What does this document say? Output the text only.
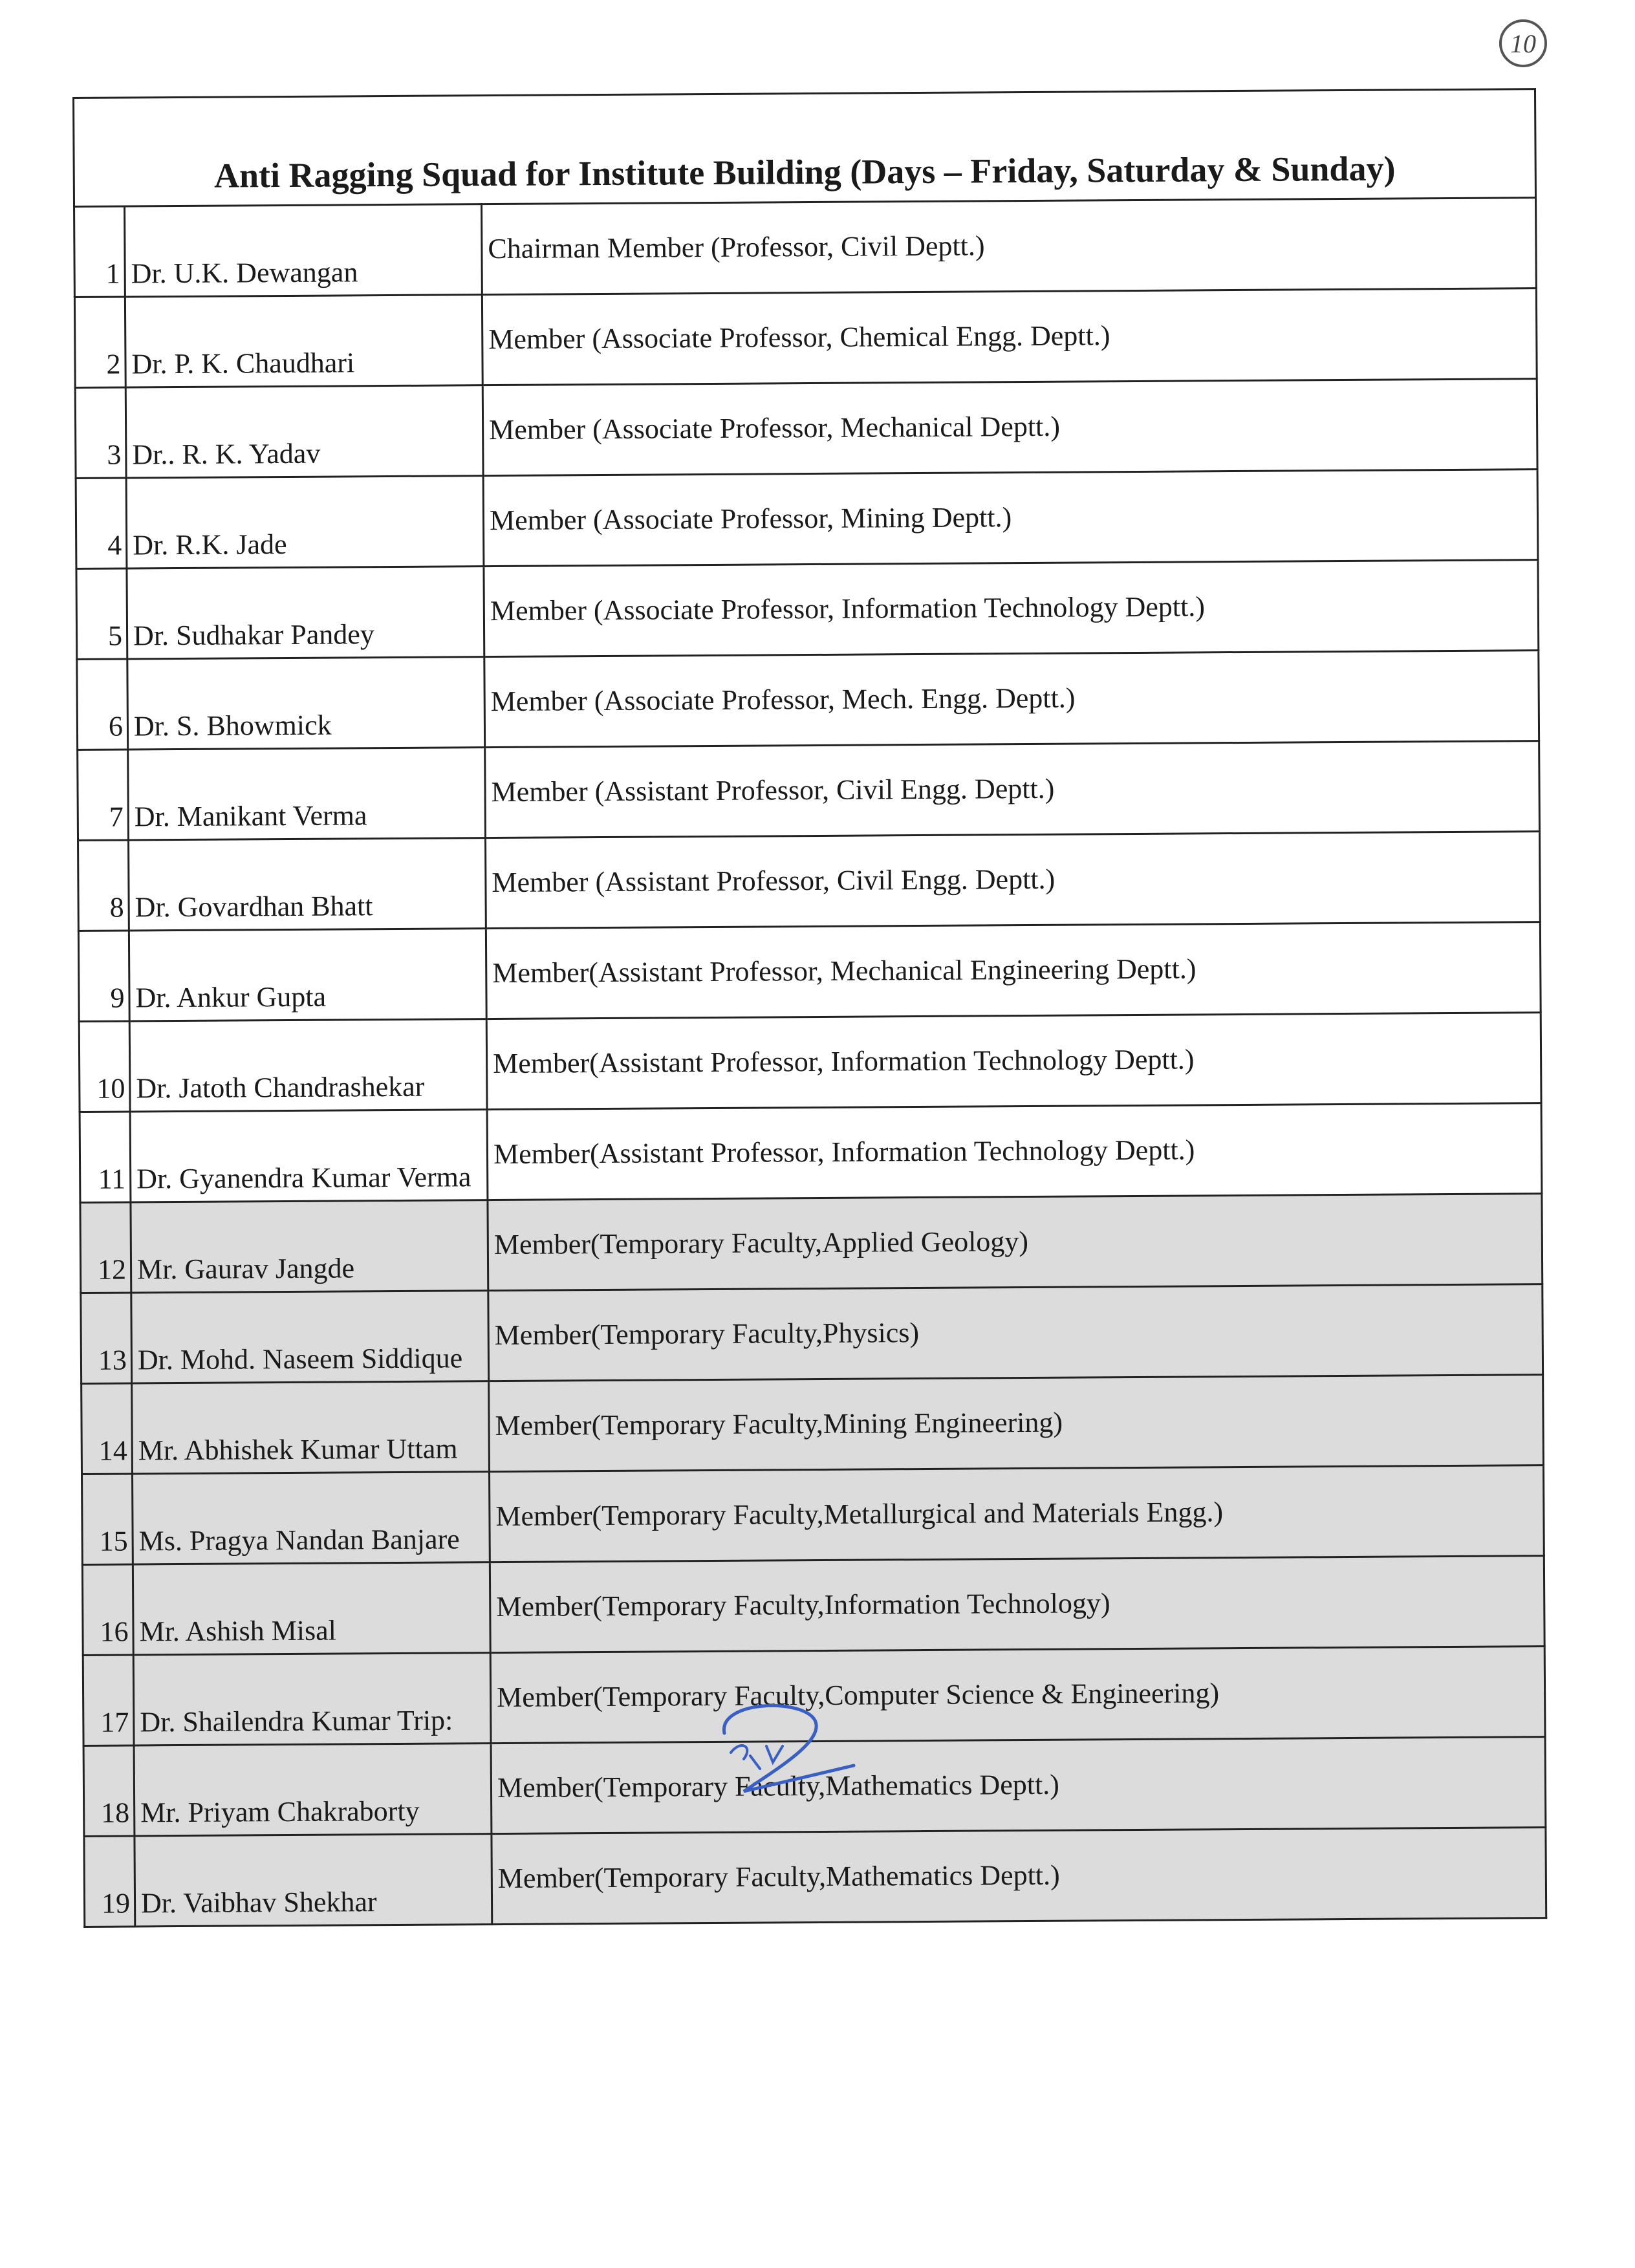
10
Anti Ragging Squad for Institute Building (Days – Friday, Saturday & Sunday)		
1	Dr. U.K. Dewangan	Chairman Member (Professor, Civil Deptt.)
2	Dr. P. K. Chaudhari	Member (Associate Professor, Chemical Engg. Deptt.)
3	Dr.. R. K. Yadav	Member (Associate Professor, Mechanical Deptt.)
4	Dr. R.K. Jade	Member (Associate Professor, Mining Deptt.)
5	Dr. Sudhakar Pandey	Member (Associate Professor, Information Technology Deptt.)
6	Dr. S. Bhowmick	Member (Associate Professor, Mech. Engg. Deptt.)
7	Dr. Manikant Verma	Member (Assistant Professor, Civil Engg. Deptt.)
8	Dr. Govardhan Bhatt	Member (Assistant Professor, Civil Engg. Deptt.)
9	Dr. Ankur Gupta	Member(Assistant Professor, Mechanical Engineering Deptt.)
10	Dr. Jatoth Chandrashekar	Member(Assistant Professor, Information Technology Deptt.)
11	Dr. Gyanendra Kumar Verma	Member(Assistant Professor, Information Technology Deptt.)
12	Mr. Gaurav Jangde	Member(Temporary Faculty,Applied Geology)
13	Dr. Mohd. Naseem Siddique	Member(Temporary Faculty,Physics)
14	Mr. Abhishek Kumar Uttam	Member(Temporary Faculty,Mining Engineering)
15	Ms. Pragya Nandan Banjare	Member(Temporary Faculty,Metallurgical and Materials Engg.)
16	Mr. Ashish Misal	Member(Temporary Faculty,Information Technology)
17	Dr. Shailendra Kumar Trip:	Member(Temporary Faculty,Computer Science & Engineering)
18	Mr. Priyam Chakraborty	Member(Temporary Faculty,Mathematics Deptt.)
19	Dr. Vaibhav Shekhar	Member(Temporary Faculty,Mathematics Deptt.)
